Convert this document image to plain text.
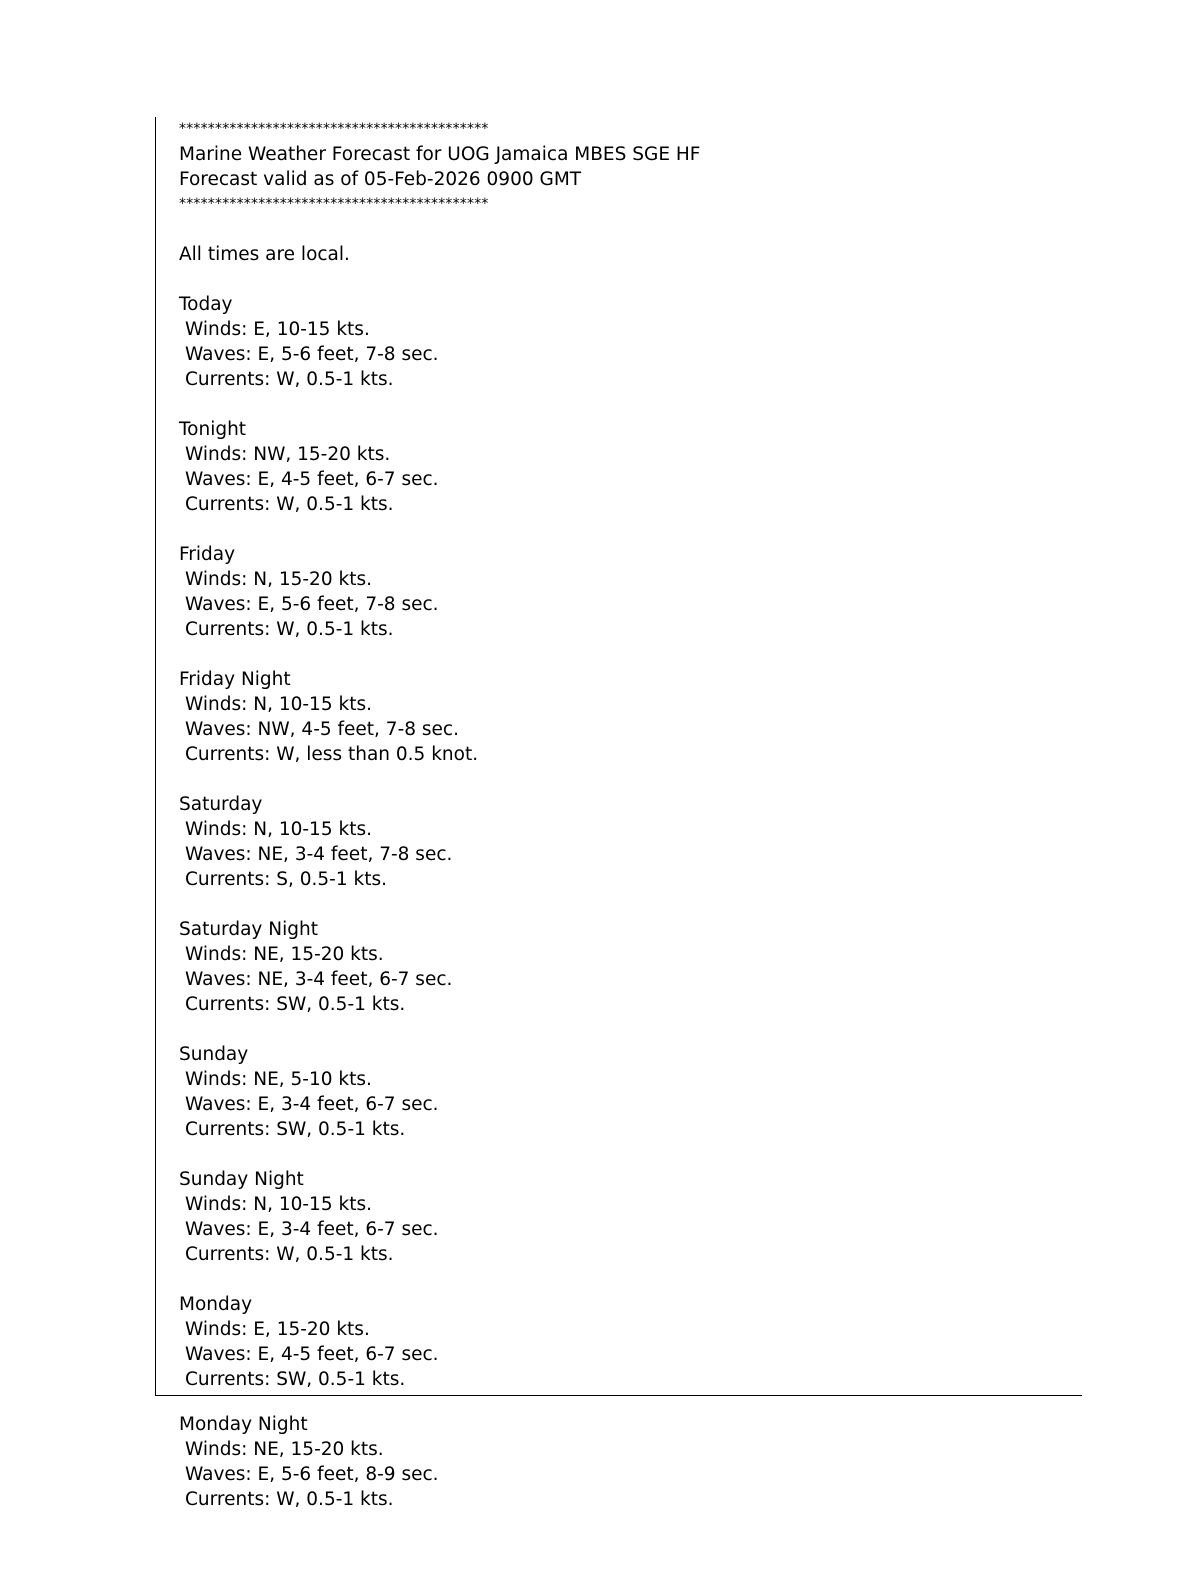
*******************************************
Marine Weather Forecast for UOG Jamaica MBES SGE HF
Forecast valid as of 05-Feb-2026 0900 GMT
*******************************************
All times are local.
Today
Winds: E, 10-15 kts.
Waves: E, 5-6 feet, 7-8 sec.
Currents: W, 0.5-1 kts.
Tonight
Winds: NW, 15-20 kts.
Waves: E, 4-5 feet, 6-7 sec.
Currents: W, 0.5-1 kts.
Friday
Winds: N, 15-20 kts.
Waves: E, 5-6 feet, 7-8 sec.
Currents: W, 0.5-1 kts.
Friday Night
Winds: N, 10-15 kts.
Waves: NW, 4-5 feet, 7-8 sec.
Currents: W, less than 0.5 knot.
Saturday
Winds: N, 10-15 kts.
Waves: NE, 3-4 feet, 7-8 sec.
Currents: S, 0.5-1 kts.
Saturday Night
Winds: NE, 15-20 kts.
Waves: NE, 3-4 feet, 6-7 sec.
Currents: SW, 0.5-1 kts.
Sunday
Winds: NE, 5-10 kts.
Waves: E, 3-4 feet, 6-7 sec.
Currents: SW, 0.5-1 kts.
Sunday Night
Winds: N, 10-15 kts.
Waves: E, 3-4 feet, 6-7 sec.
Currents: W, 0.5-1 kts.
Monday
Winds: E, 15-20 kts.
Waves: E, 4-5 feet, 6-7 sec.
Currents: SW, 0.5-1 kts.
Monday Night
Winds: NE, 15-20 kts.
Waves: E, 5-6 feet, 8-9 sec.
Currents: W, 0.5-1 kts.
